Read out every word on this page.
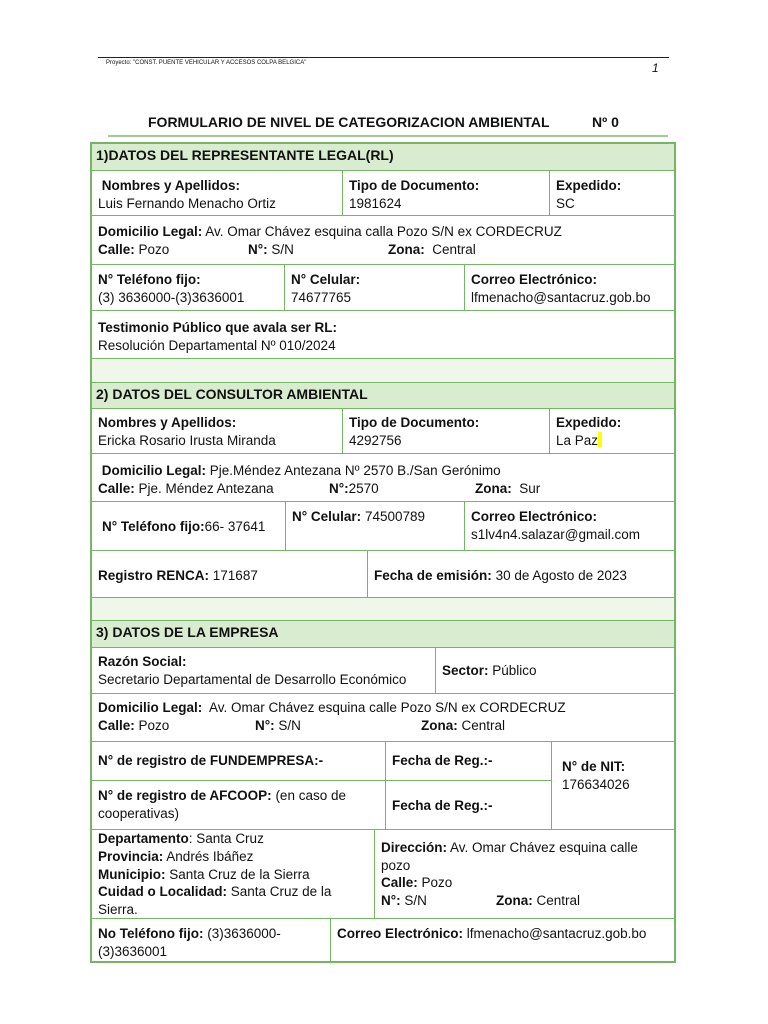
Proyecto: "CONST. PUENTE VEHICULAR Y ACCESOS COLPA BELGICA"	1
FORMULARIO DE NIVEL DE CATEGORIZACION AMBIENTAL	Nº 0
1)DATOS DEL REPRESENTANTE LEGAL(RL)
Nombres y Apellidos:
Luis Fernando Menacho Ortiz
Tipo de Documento:
1981624
Expedido:
SC
Domicilio Legal: Av. Omar Chávez esquina calla Pozo S/N ex CORDECRUZ
Calle: Pozo	N°: S/N	Zona: Central
N° Teléfono fijo:
(3) 3636000-(3)3636001
N° Celular:
74677765
Correo Electrónico:
lfmenacho@santacruz.gob.bo
Testimonio Público que avala ser RL:
Resolución Departamental Nº 010/2024
2) DATOS DEL CONSULTOR AMBIENTAL
Nombres y Apellidos:
Ericka Rosario Irusta Miranda
Tipo de Documento:
4292756
Expedido:
La Paz
Domicilio Legal: Pje.Méndez Antezana Nº 2570 B./San Gerónimo
Calle: Pje. Méndez Antezana	N°:2570	Zona: Sur
N° Teléfono fijo:66- 37641
N° Celular: 74500789	Correo Electrónico:
s1lv4n4.salazar@gmail.com
Registro RENCA: 171687	Fecha de emisión: 30 de Agosto de 2023
3) DATOS DE LA EMPRESA
Razón Social:
Secretario Departamental de Desarrollo Económico
Sector: Público
Domicilio Legal: Av. Omar Chávez esquina calle Pozo S/N ex CORDECRUZ
Calle: Pozo	N°: S/N	Zona: Central
N° de registro de FUNDEMPRESA:-	Fecha de Reg.:-	N° de NIT:
176634026
N° de registro de AFCOOP: (en caso de cooperativas)	Fecha de Reg.:-
Departamento: Santa Cruz
Provincia: Andrés Ibáñez
Municipio: Santa Cruz de la Sierra
Cuidad o Localidad: Santa Cruz de la Sierra.
Dirección: Av. Omar Chávez esquina calle pozo
Calle: Pozo
N°: S/N	Zona: Central
No Teléfono fijo: (3)3636000-(3)3636001
Correo Electrónico: lfmenacho@santacruz.gob.bo
